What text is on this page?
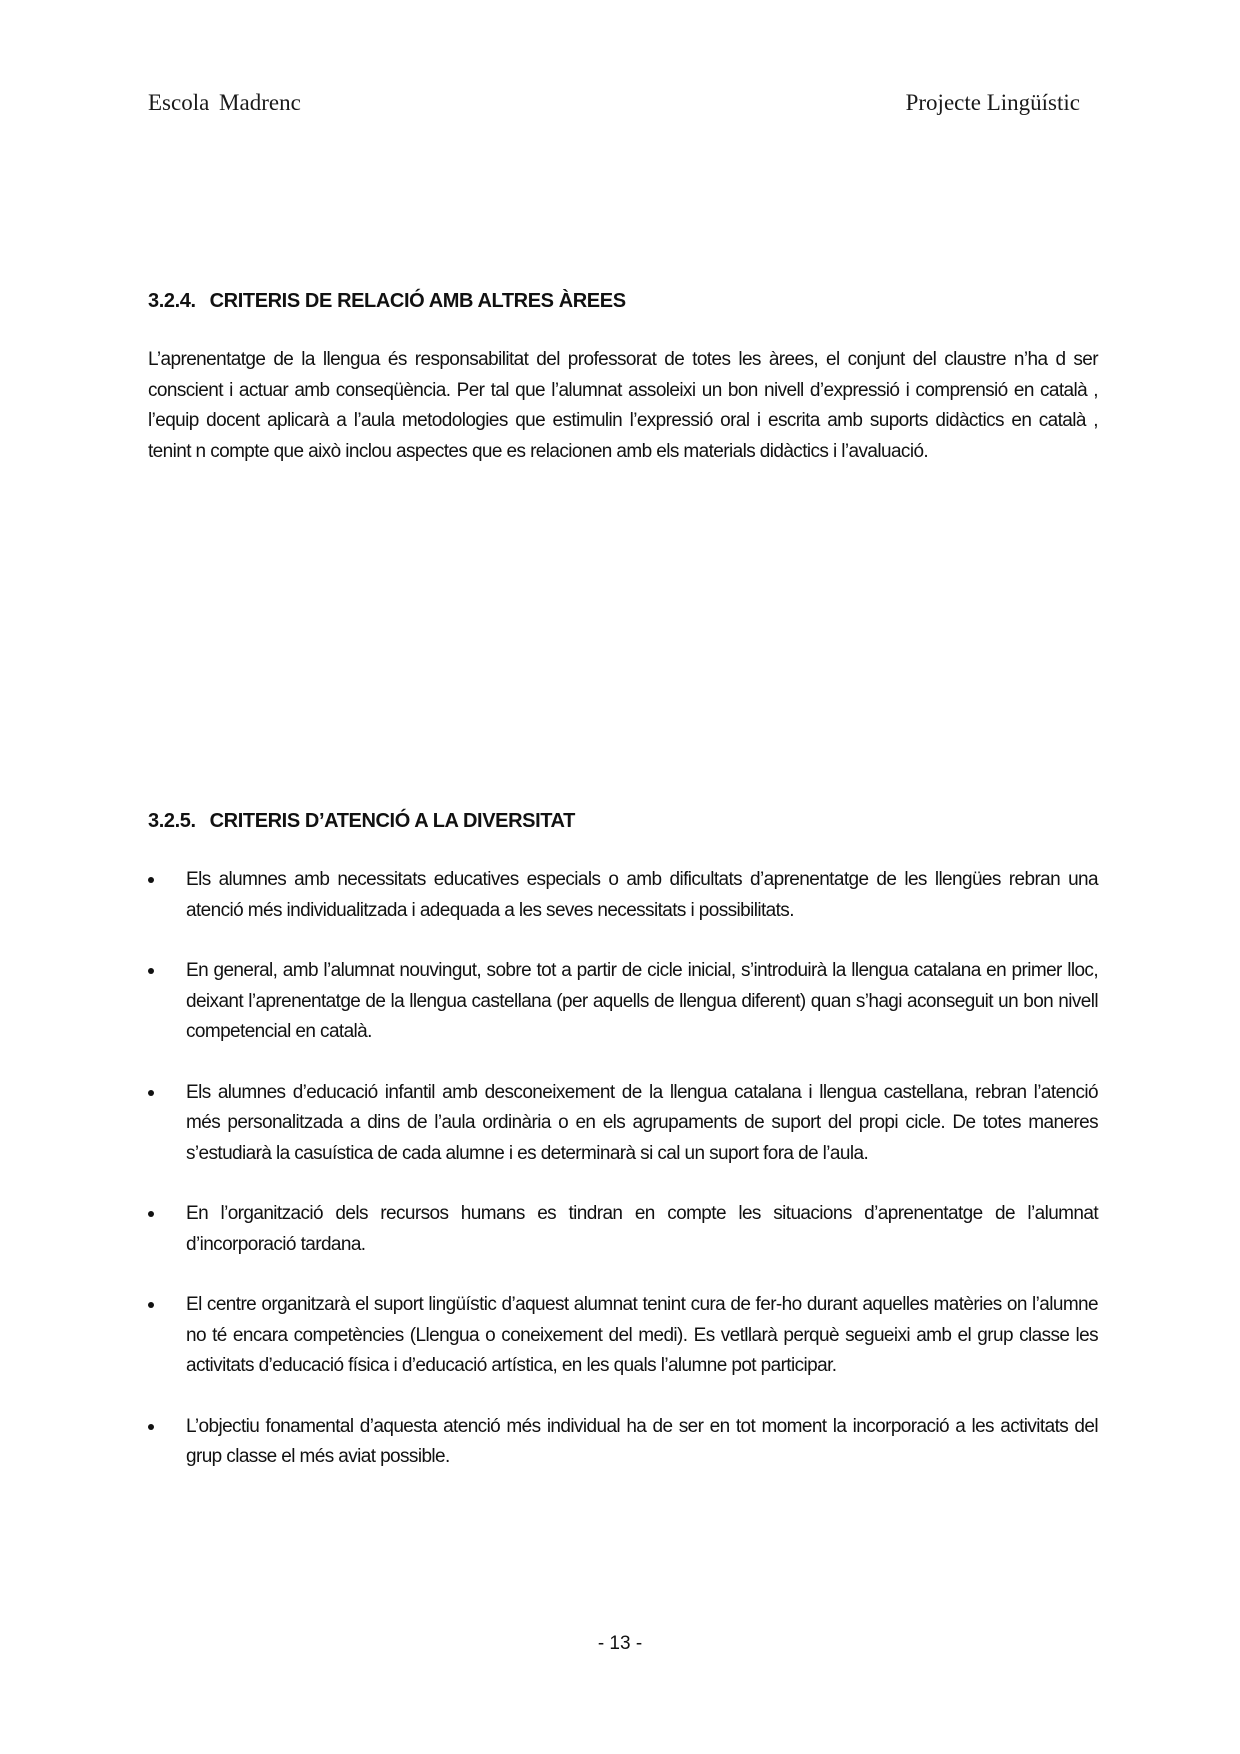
Escola Madrenc	Projecte Lingüístic
3.2.4. CRITERIS DE RELACIÓ AMB ALTRES ÀREES

L’aprenentatge de la llengua és responsabilitat del professorat de totes les àrees, el conjunt del claustre n’ha d ser conscient i actuar amb conseqüència. Per tal que l’alumnat assoleixi un bon nivell d’expressió i comprensió en català , l’equip docent aplicarà a l’aula metodologies que estimulin l’expressió oral i escrita amb suports didàctics en català , tenint n compte que això inclou aspectes que es relacionen amb els materials didàctics i l’avaluació.

3.2.5. CRITERIS D’ATENCIÓ A LA DIVERSITAT

Els alumnes amb necessitats educatives especials o amb dificultats d’aprenentatge de les llengües rebran una atenció més individualitzada i adequada a les seves necessitats i possibilitats.

En general, amb l’alumnat nouvingut, sobre tot a partir de cicle inicial, s’introduirà la llengua catalana en primer lloc, deixant l’aprenentatge de la llengua castellana (per aquells de llengua diferent) quan s’hagi aconseguit un bon nivell competencial en català.

Els alumnes d’educació infantil amb desconeixement de la llengua catalana i llengua castellana, rebran l’atenció més personalitzada a dins de l’aula ordinària o en els agrupaments de suport del propi cicle. De totes maneres s’estudiarà la casuística de cada alumne i es determinarà si cal un suport fora de l’aula.

En l’organització dels recursos humans es tindran en compte les situacions d’aprenentatge de l’alumnat d’incorporació tardana.

El centre organitzarà el suport lingüístic d’aquest alumnat tenint cura de fer-ho durant aquelles matèries on l’alumne no té encara competències (Llengua o coneixement del medi). Es vetllarà perquè segueixi amb el grup classe les activitats d’educació física i d’educació artística, en les quals l’alumne pot participar.

L’objectiu fonamental d’aquesta atenció més individual ha de ser en tot moment la incorporació a les activitats del grup classe el més aviat possible.

- 13 -
